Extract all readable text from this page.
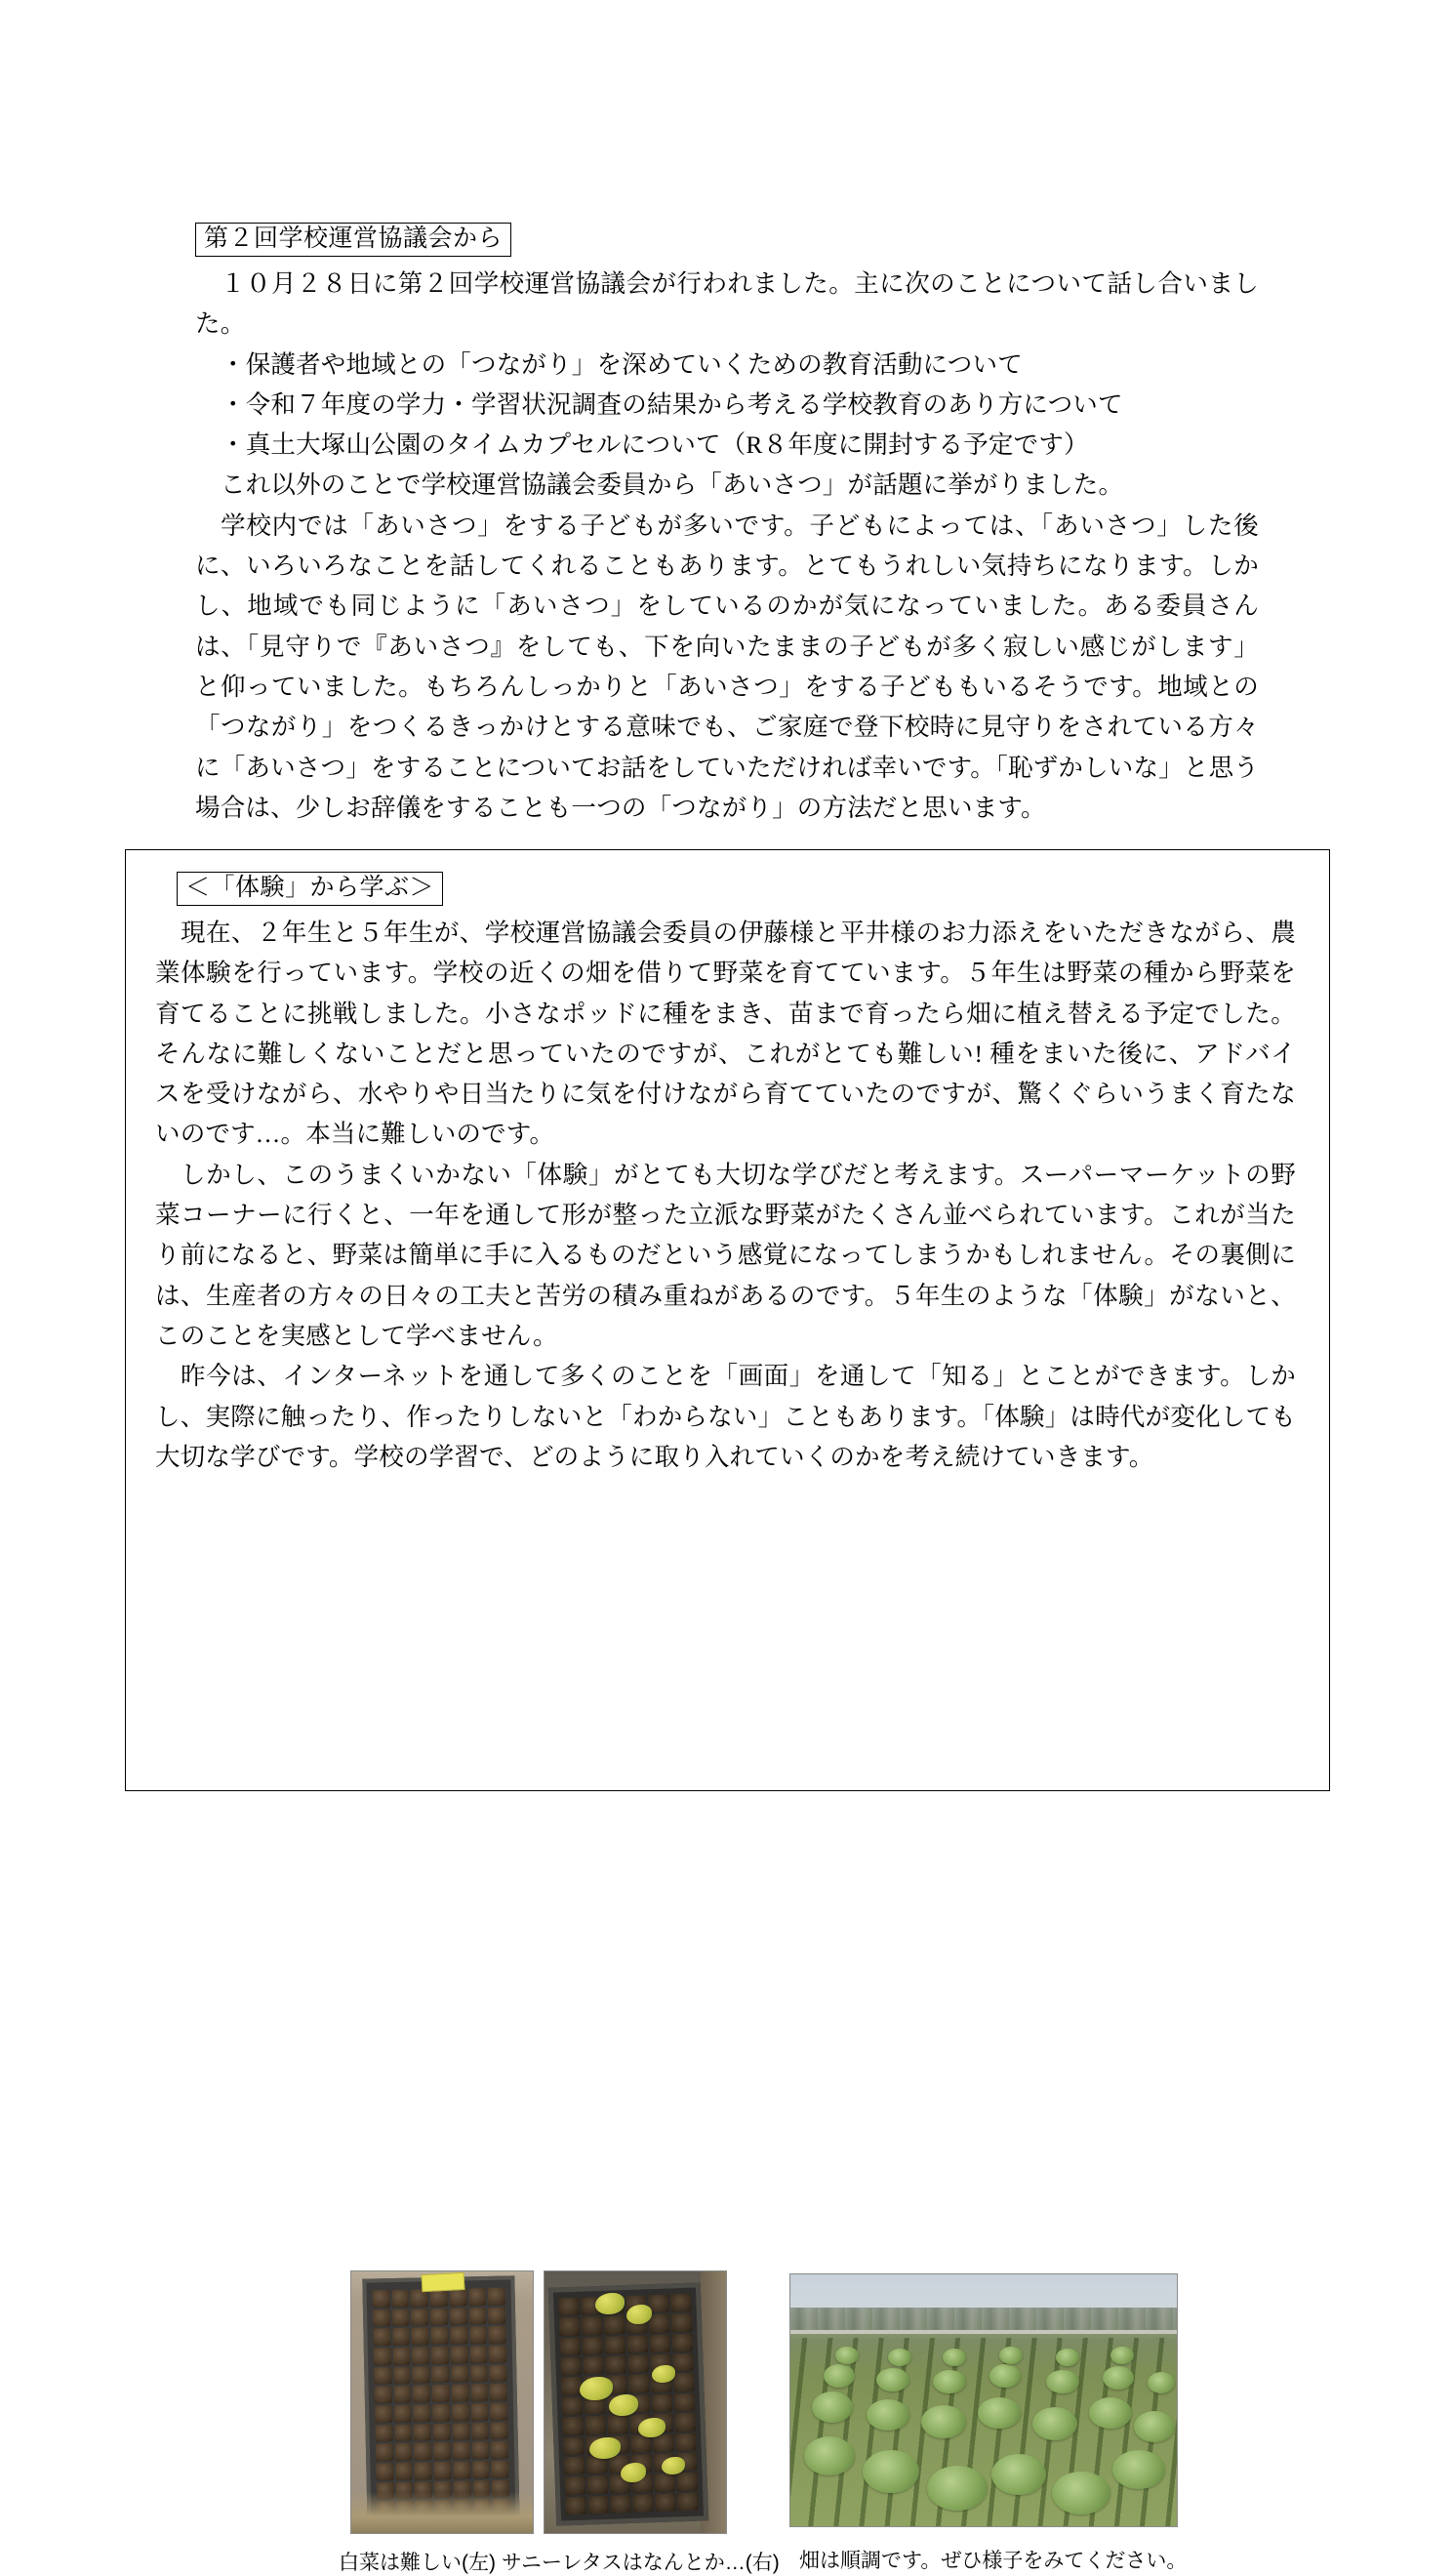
第２回学校運営協議会から

１０月２８日に第２回学校運営協議会が行われました。主に次のことについて話し合いました。

・保護者や地域との「つながり」を深めていくための教育活動について

・令和７年度の学力・学習状況調査の結果から考える学校教育のあり方について

・真土大塚山公園のタイムカプセルについて（R８年度に開封する予定です）

これ以外のことで学校運営協議会委員から「あいさつ」が話題に挙がりました。

学校内では「あいさつ」をする子どもが多いです。子どもによっては、「あいさつ」した後に、いろいろなことを話してくれることもあります。とてもうれしい気持ちになります。しかし、地域でも同じように「あいさつ」をしているのかが気になっていました。ある委員さんは、「見守りで『あいさつ』をしても、下を向いたままの子どもが多く寂しい感じがします」と仰っていました。もちろんしっかりと「あいさつ」をする子どももいるそうです。地域との「つながり」をつくるきっかけとする意味でも、ご家庭で登下校時に見守りをされている方々に「あいさつ」をすることについてお話をしていただければ幸いです。「恥ずかしいな」と思う場合は、少しお辞儀をすることも一つの「つながり」の方法だと思います。

＜「体験」から学ぶ＞

現在、２年生と５年生が、学校運営協議会委員の伊藤様と平井様のお力添えをいただきながら、農業体験を行っています。学校の近くの畑を借りて野菜を育てています。５年生は野菜の種から野菜を育てることに挑戦しました。小さなポッドに種をまき、苗まで育ったら畑に植え替える予定でした。そんなに難しくないことだと思っていたのですが、これがとても難しい! 種をまいた後に、アドバイスを受けながら、水やりや日当たりに気を付けながら育てていたのですが、驚くぐらいうまく育たないのです…。本当に難しいのです。

しかし、このうまくいかない「体験」がとても大切な学びだと考えます。スーパーマーケットの野菜コーナーに行くと、一年を通して形が整った立派な野菜がたくさん並べられています。これが当たり前になると、野菜は簡単に手に入るものだという感覚になってしまうかもしれません。その裏側には、生産者の方々の日々の工夫と苦労の積み重ねがあるのです。５年生のような「体験」がないと、このことを実感として学べません。

昨今は、インターネットを通して多くのことを「画面」を通して「知る」とことができます。しかし、実際に触ったり、作ったりしないと「わからない」こともあります。「体験」は時代が変化しても大切な学びです。学校の学習で、どのように取り入れていくのかを考え続けていきます。

白菜は難しい(左) サニーレタスはなんとか…(右) 畑は順調です。ぜひ様子をみてください。
